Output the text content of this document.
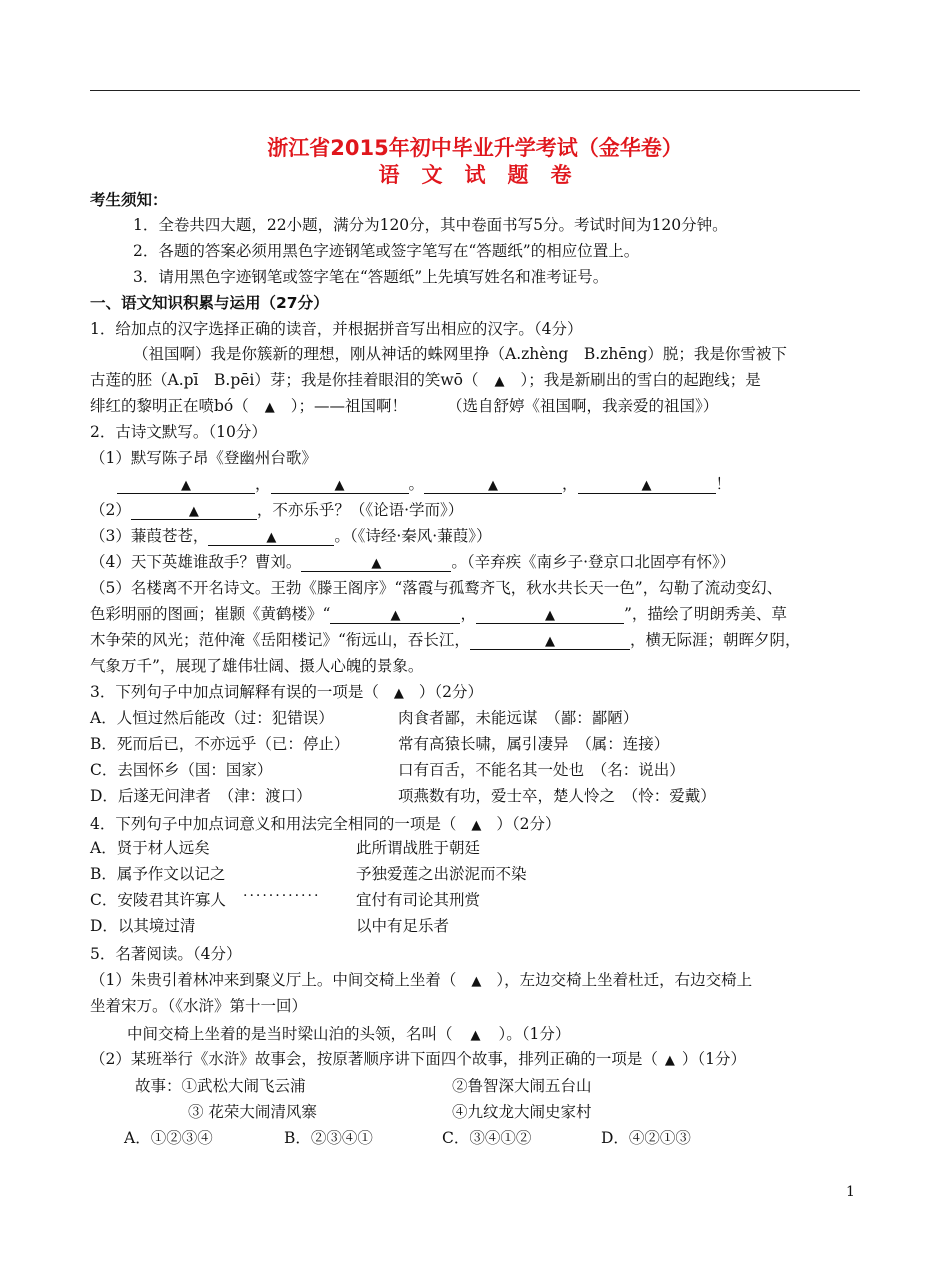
浙江省2015年初中毕业升学考试（金华卷）
语文试题卷
考生须知：
1．全卷共四大题，22小题，满分为120分，其中卷面书写5分。考试时间为120分钟。
2．各题的答案必须用黑色字迹钢笔或签字笔写在“答题纸”的相应位置上。
3．请用黑色字迹钢笔或签字笔在“答题纸”上先填写姓名和准考证号。
一、语文知识积累与运用（27分）
1．给加点的汉字选择正确的读音，并根据拼音写出相应的汉字。（4分）
（祖国啊）我是你簇新的理想，刚从神话的蛛网里挣（A.zhèng　B.zhēng）脱；我是你雪被下
古莲的胚（A.pī　B.pēi）芽；我是你挂着眼泪的笑wō（ ▲ ）；我是新刷出的雪白的起跑线；是
绯红的黎明正在喷bó（ ▲ ）；——祖国啊！	（选自舒婷《祖国啊，我亲爱的祖国》）
2．古诗文默写。（10分）
（1）默写陈子昂《登幽州台歌》
▲	，	▲	。	▲	，	▲	！
（2）	▲	，不亦乐乎？（《论语·学而》）
（3）蒹葭苍苍，	▲	。（《诗经·秦风·蒹葭》）
（4）天下英雄谁敌手？曹刘。	▲	。（辛弃疾《南乡子·登京口北固亭有怀》）
（5）名楼离不开名诗文。王勃《滕王阁序》“落霞与孤鹜齐飞，秋水共长天一色”，勾勒了流动变幻、
色彩明丽的图画；崔颢《黄鹤楼》“	▲	，	▲	”，描绘了明朗秀美、草
木争荣的风光；范仲淹《岳阳楼记》“衔远山，吞长江，	▲	，横无际涯；朝晖夕阴，
气象万千”，展现了雄伟壮阔、摄人心魄的景象。
3．下列句子中加点词解释有误的一项是（ ▲ ）（2分）
A．人恒过然后能改（过：犯错误）	肉食者鄙，未能远谋　（鄙：鄙陋）
B．死而后已，不亦远乎（已：停止）	常有高猿长啸，属引凄异　（属：连接）
C．去国怀乡（国：国家）	口有百舌，不能名其一处也　（名：说出）
D．后遂无问津者　（津：渡口）	项燕数有功，爱士卒，楚人怜之　（怜：爱戴）
4．下列句子中加点词意义和用法完全相同的一项是（ ▲ ）（2分）
A．贤于材人远矣	此所谓战胜于朝廷
B．属予作文以记之	予独爱莲之出淤泥而不染
............
C．安陵君其许寡人	宜付有司论其刑赏
D．以其境过清	以中有足乐者
5．名著阅读。（4分）
（1）朱贵引着林冲来到聚义厅上。中间交椅上坐着（ ▲ ），左边交椅上坐着杜迁，右边交椅上
坐着宋万。（《水浒》第十一回）
中间交椅上坐着的是当时梁山泊的头领，名叫（ ▲ ）。（1分）
（2）某班举行《水浒》故事会，按原著顺序讲下面四个故事，排列正确的一项是（ ▲ ）（1分）
故事：①武松大闹飞云浦	②鲁智深大闹五台山
③ 花荣大闹清风寨	④九纹龙大闹史家村
A．①②③④	B．②③④①	C．③④①②	D．④②①③
1
